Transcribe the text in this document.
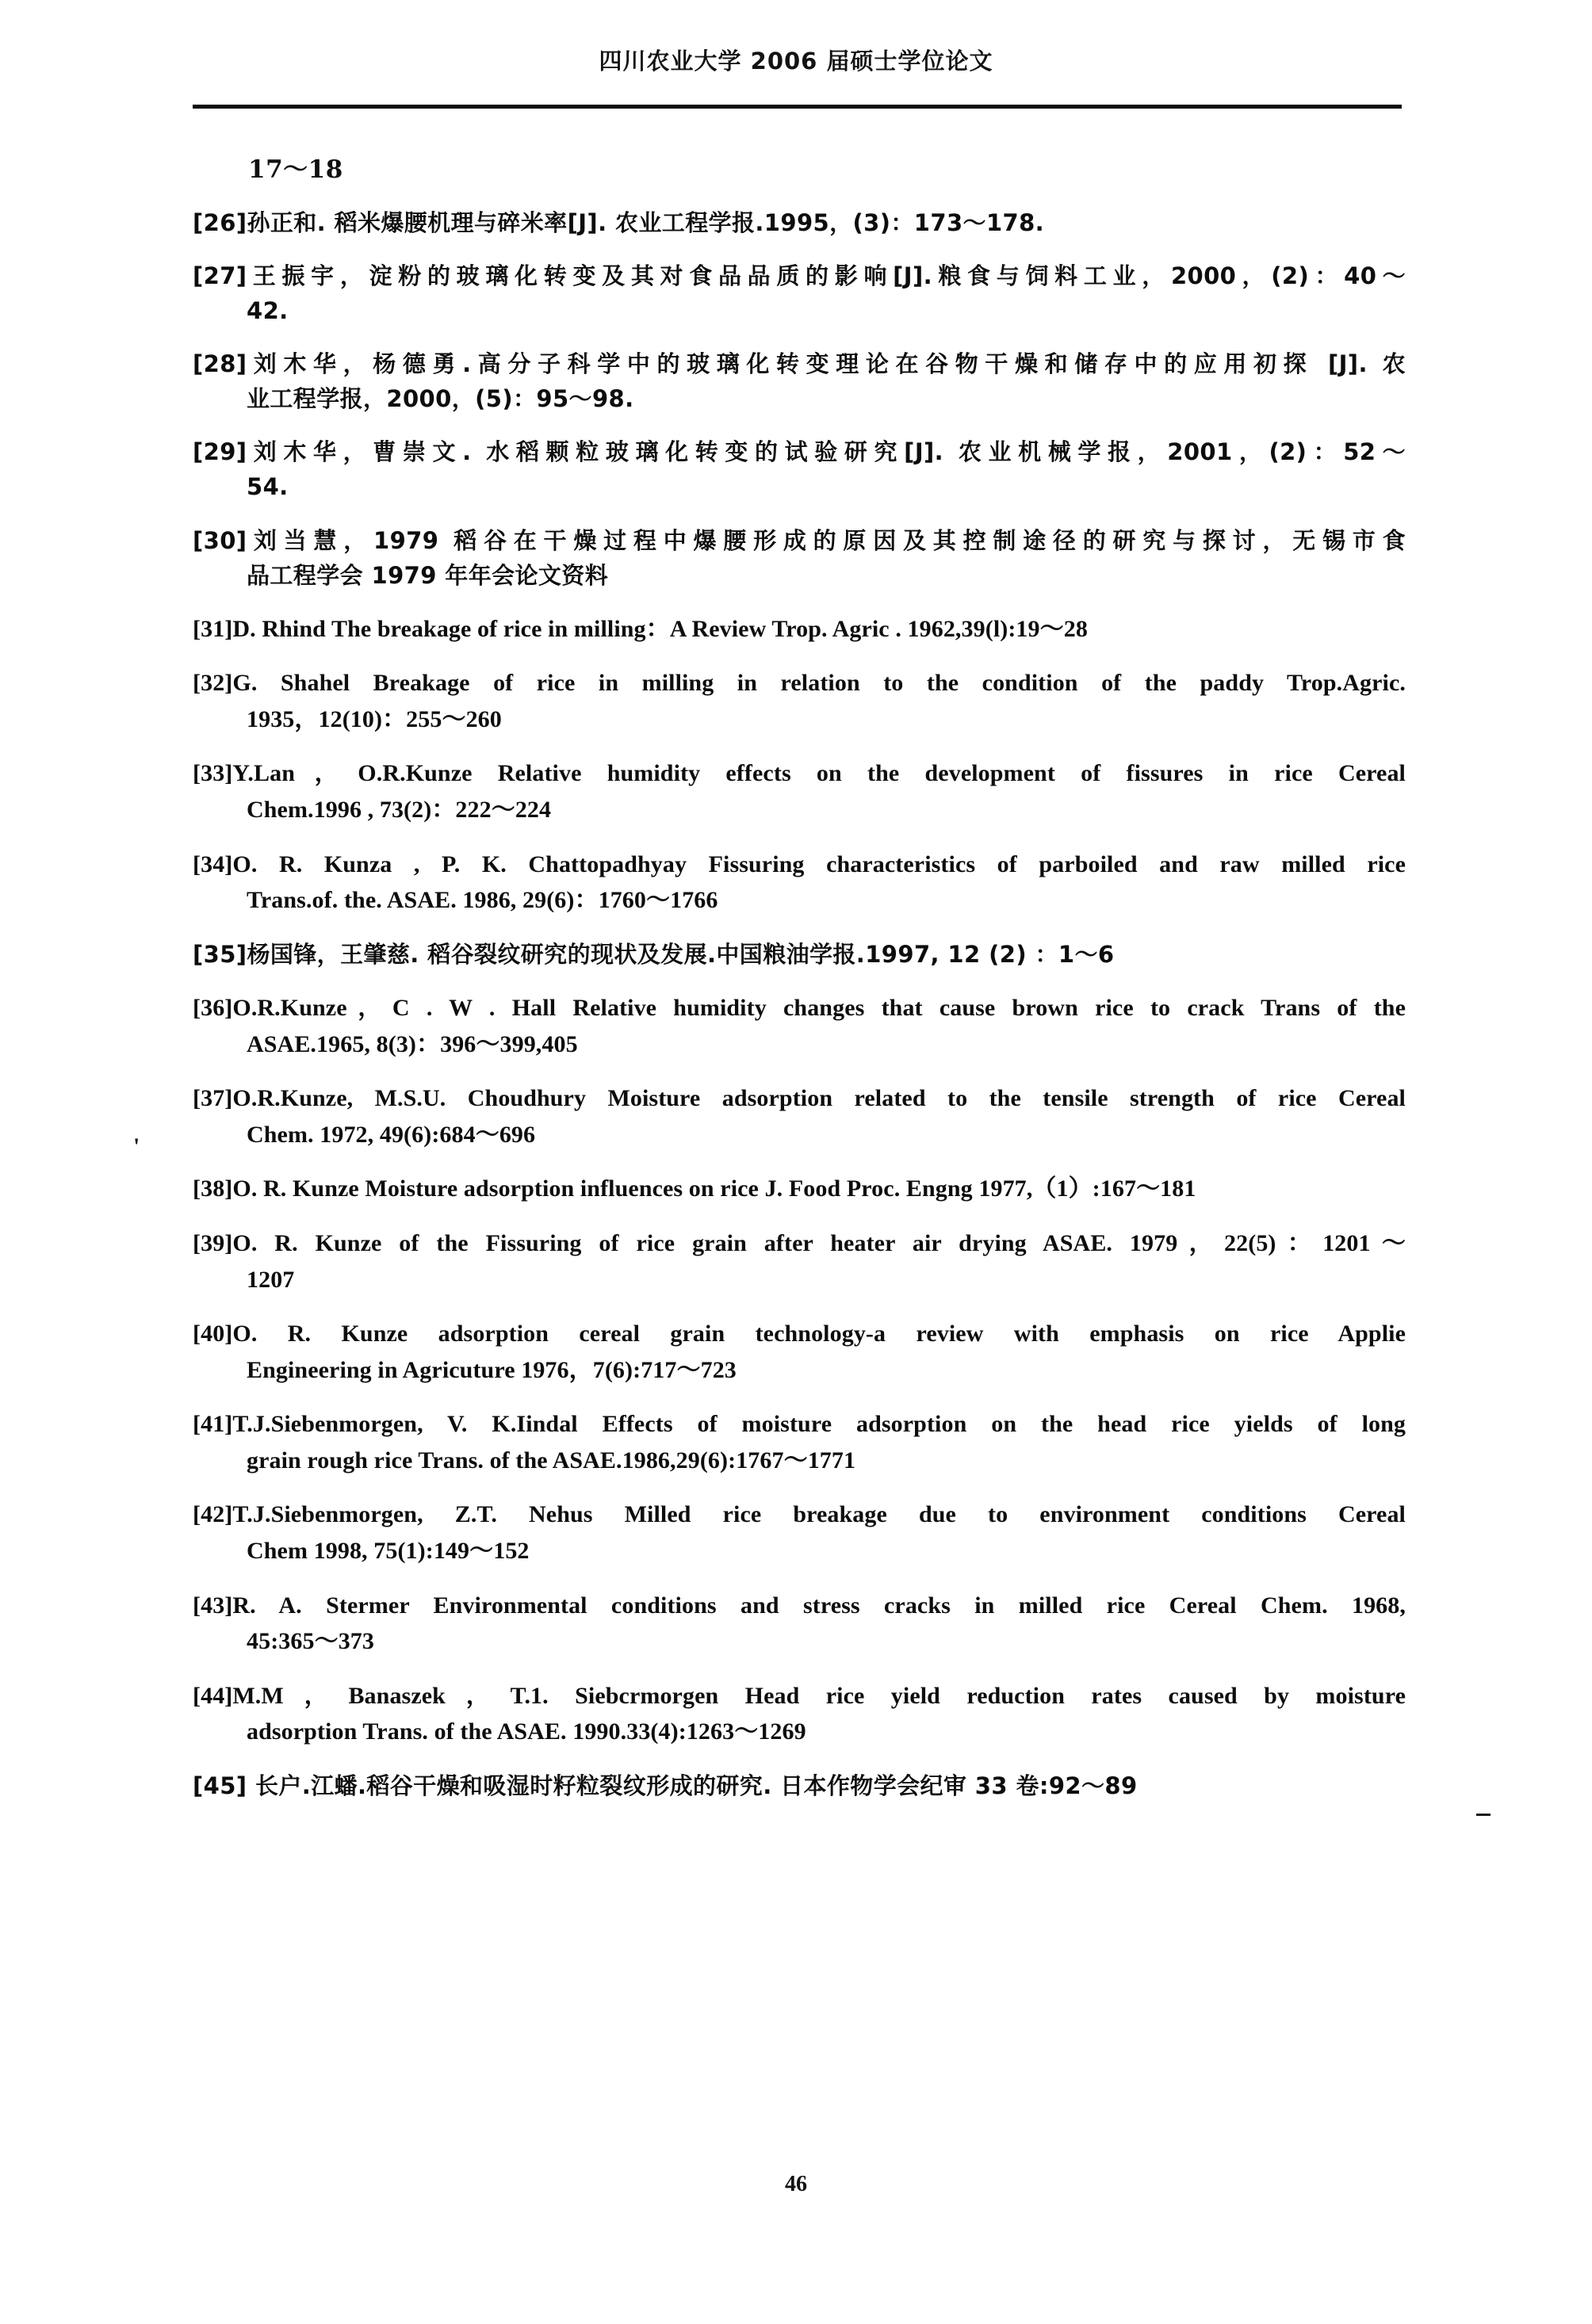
四川农业大学 2006 届硕士学位论文
17～18
[26]孙正和. 稻米爆腰机理与碎米率[J]. 农业工程学报.1995，(3)：173～178.
[27]王振宇，淀粉的玻璃化转变及其对食品品质的影响[J].粮食与饲料工业，2000，(2)：40～
42.
[28]刘木华，杨德勇.高分子科学中的玻璃化转变理论在谷物干燥和储存中的应用初探 [J]. 农
业工程学报，2000，(5)：95～98.
[29]刘木华，曹崇文. 水稻颗粒玻璃化转变的试验研究[J]. 农业机械学报，2001，(2)：52～
54.
[30]刘当慧，1979 稻谷在干燥过程中爆腰形成的原因及其控制途径的研究与探讨，无锡市食
品工程学会 1979 年年会论文资料
[31]D. Rhind The breakage of rice in milling：A Review Trop. Agric . 1962,39(l):19～28
[32]G. Shahel Breakage of rice in milling in relation to the condition of the paddy Trop.Agric.
1935，12(10)：255～260
[33]Y.Lan，O.R.Kunze Relative humidity effects on the development of fissures in rice Cereal
Chem.1996 , 73(2)：222～224
[34]O. R. Kunza , P. K. Chattopadhyay Fissuring characteristics of parboiled and raw milled rice
Trans.of. the. ASAE. 1986, 29(6)：1760～1766
[35]杨国锋，王肇慈. 稻谷裂纹研究的现状及发展.中国粮油学报.1997, 12 (2) ：1～6
[36]O.R.Kunze，C . W . Hall Relative humidity changes that cause brown rice to crack Trans of the
ASAE.1965, 8(3)：396～399,405
[37]O.R.Kunze, M.S.U. Choudhury Moisture adsorption related to the tensile strength of rice Cereal
Chem. 1972, 49(6):684～696
[38]O. R. Kunze Moisture adsorption influences on rice J. Food Proc. Engng 1977,（1）:167～181
[39]O. R. Kunze of the Fissuring of rice grain after heater air drying ASAE. 1979，22(5)：1201～
1207
[40]O. R. Kunze adsorption cereal grain technology-a review with emphasis on rice Applie
Engineering in Agricuture 1976，7(6):717～723
[41]T.J.Siebenmorgen, V. K.Iindal Effects of moisture adsorption on the head rice yields of long
grain rough rice Trans. of the ASAE.1986,29(6):1767～1771
[42]T.J.Siebenmorgen, Z.T. Nehus Milled rice breakage due to environment conditions Cereal
Chem 1998, 75(1):149～152
[43]R. A. Stermer Environmental conditions and stress cracks in milled rice Cereal Chem. 1968,
45:365～373
[44]M.M，Banaszek，T.1. Siebcrmorgen Head rice yield reduction rates caused by moisture
adsorption Trans. of the ASAE. 1990.33(4):1263～1269
[45] 长户.江蟠.稻谷干燥和吸湿时籽粒裂纹形成的研究. 日本作物学会纪审 33 卷:92～89
'
46
